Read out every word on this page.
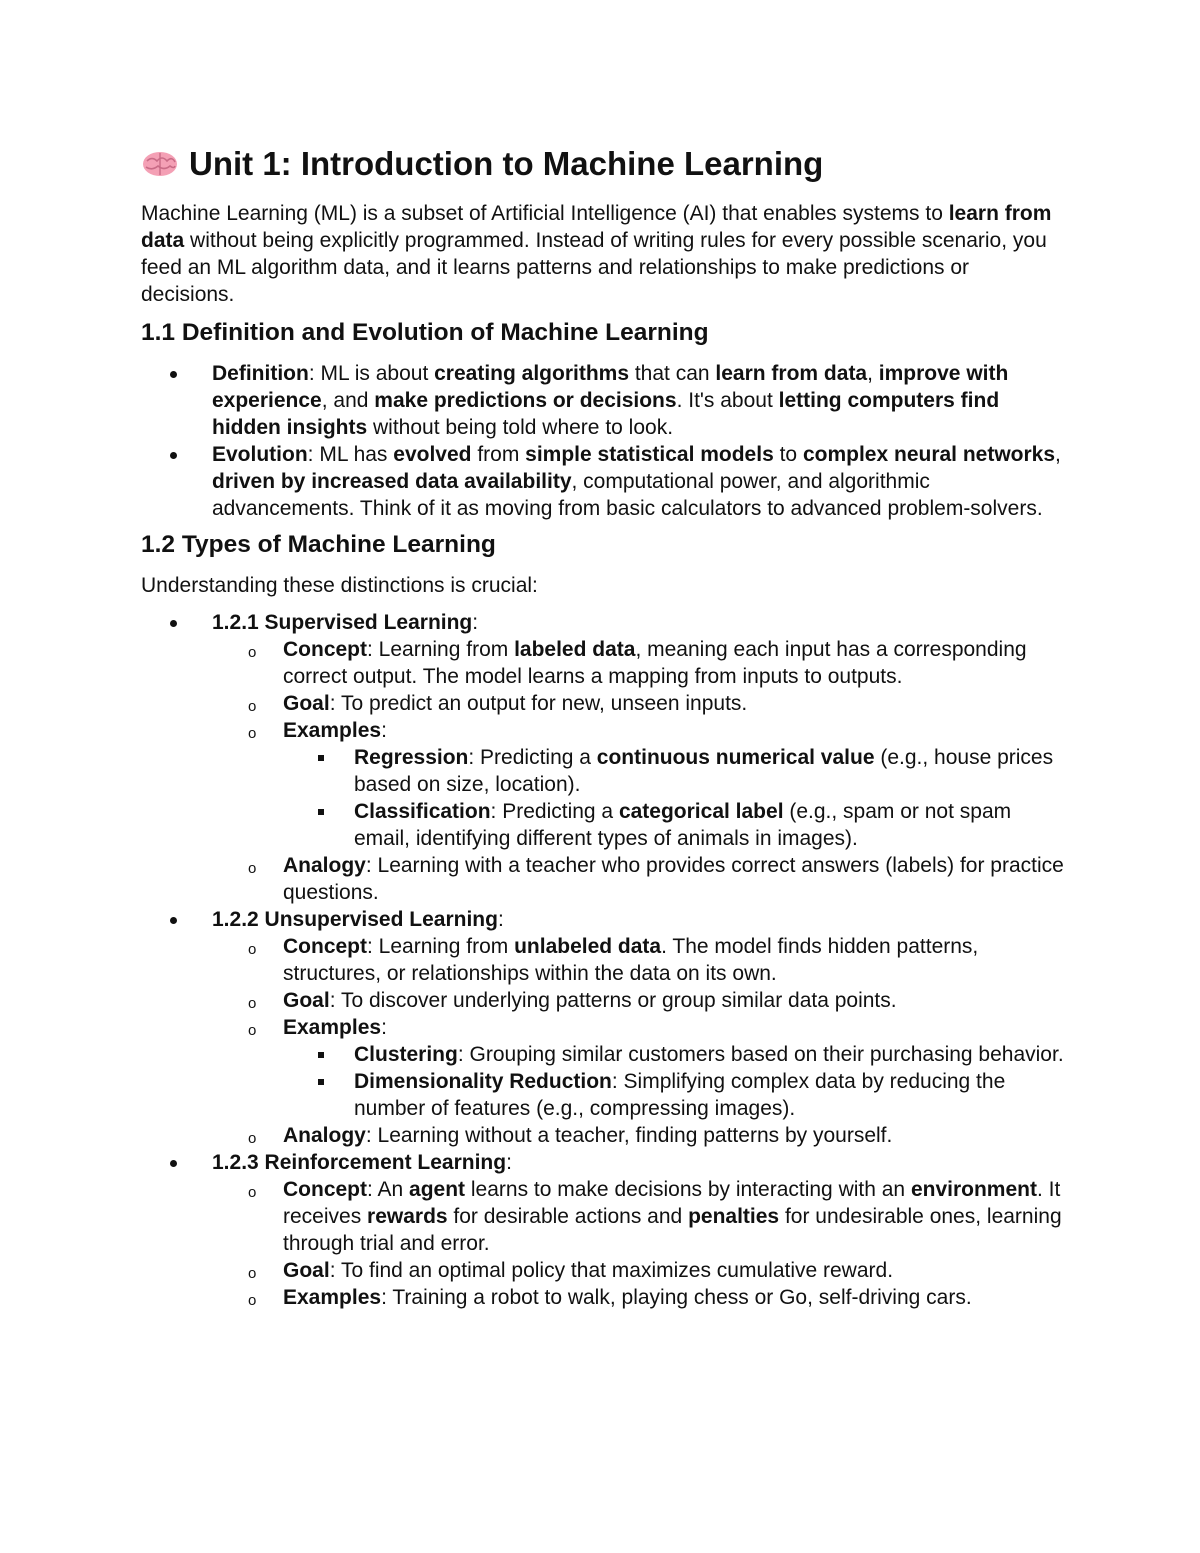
Unit 1: Introduction to Machine Learning

Machine Learning (ML) is a subset of Artificial Intelligence (AI) that enables systems to learn from data without being explicitly programmed. Instead of writing rules for every possible scenario, you feed an ML algorithm data, and it learns patterns and relationships to make predictions or decisions.

1.1 Definition and Evolution of Machine Learning
Definition: ML is about creating algorithms that can learn from data, improve with experience, and make predictions or decisions. It's about letting computers find hidden insights without being told where to look.
Evolution: ML has evolved from simple statistical models to complex neural networks, driven by increased data availability, computational power, and algorithmic advancements. Think of it as moving from basic calculators to advanced problem-solvers.
1.2 Types of Machine Learning

Understanding these distinctions is crucial:

1.2.1 Supervised Learning:
o Concept: Learning from labeled data, meaning each input has a corresponding correct output. The model learns a mapping from inputs to outputs.
o Goal: To predict an output for new, unseen inputs.
o Examples:
Regression: Predicting a continuous numerical value (e.g., house prices based on size, location).
Classification: Predicting a categorical label (e.g., spam or not spam email, identifying different types of animals in images).
o Analogy: Learning with a teacher who provides correct answers (labels) for practice questions.
1.2.2 Unsupervised Learning:
o Concept: Learning from unlabeled data. The model finds hidden patterns, structures, or relationships within the data on its own.
o Goal: To discover underlying patterns or group similar data points.
o Examples:
Clustering: Grouping similar customers based on their purchasing behavior.
Dimensionality Reduction: Simplifying complex data by reducing the number of features (e.g., compressing images).
o Analogy: Learning without a teacher, finding patterns by yourself.
1.2.3 Reinforcement Learning:
o Concept: An agent learns to make decisions by interacting with an environment. It receives rewards for desirable actions and penalties for undesirable ones, learning through trial and error.
o Goal: To find an optimal policy that maximizes cumulative reward.
o Examples: Training a robot to walk, playing chess or Go, self-driving cars.
